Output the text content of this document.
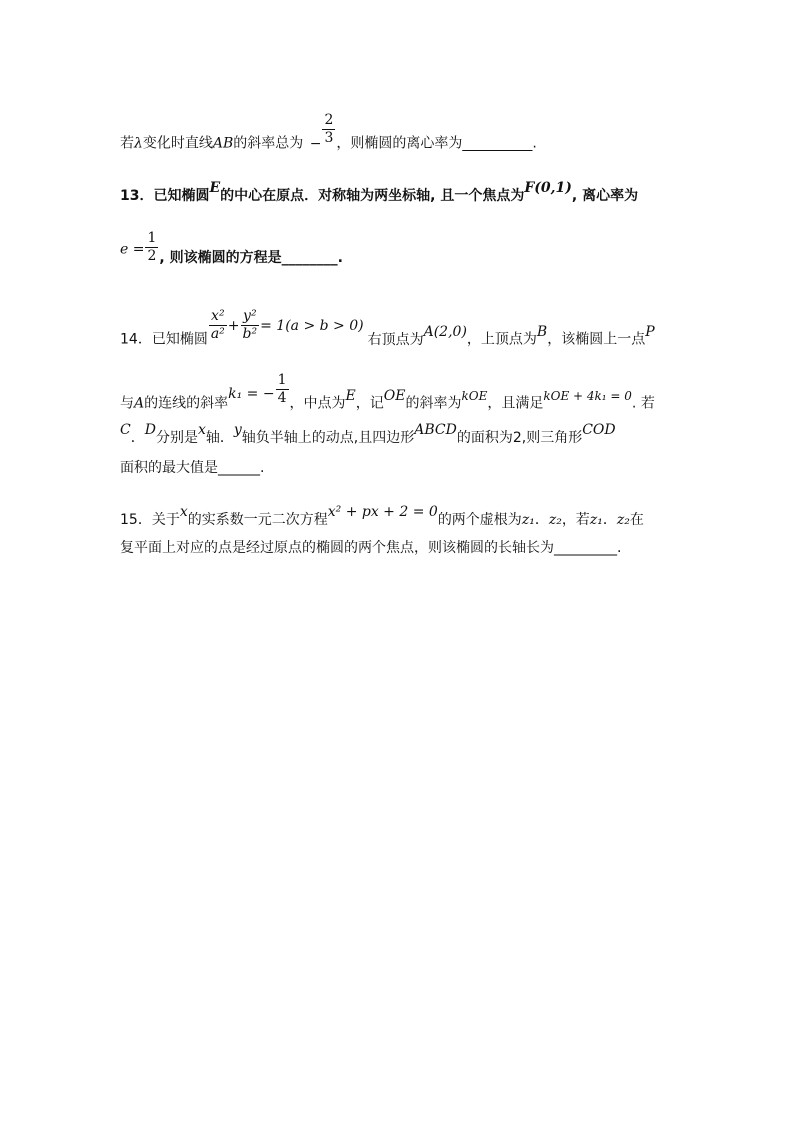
若λ变化时直线AB的斜率总为 − $\frac{2}{3}$ ，则椭圆的离心率为__________.
13．已知椭圆E的中心在原点．对称轴为两坐标轴, 且一个焦点为F(0,1), 离心率为
$e = \frac{1}{2}$ , 则该椭圆的方程是________.
14．已知椭圆 $\frac{\text{x²}}{\text{a²}} + \frac{\text{y²}}{\text{b²}} = 1(a > b > 0)$右顶点为A(2,0)，上顶点为B，该椭圆上一点P
与A的连线的斜率k₁ = − $\frac{1}{4}$ ，中点为E，记OE的斜率为kOE，且满足kOE + 4k₁ = 0. 若
C．D分别是x轴．y轴负半轴上的动点,且四边形ABCD的面积为2,则三角形COD
面积的最大值是______.
15．关于x的实系数一元二次方程x² + px + 2 = 0的两个虚根为z₁．z₂，若z₁．z₂在
复平面上对应的点是经过原点的椭圆的两个焦点，则该椭圆的长轴长为_________.
